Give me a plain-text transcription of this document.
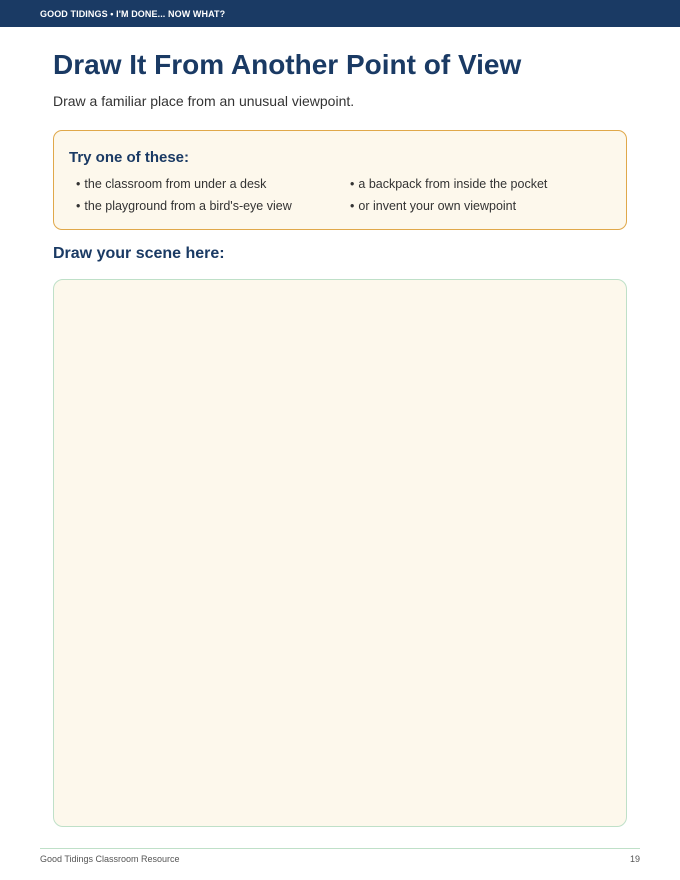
GOOD TIDINGS • I'M DONE... NOW WHAT?
Draw It From Another Point of View

Draw a familiar place from an unusual viewpoint.

Try one of these:
• the classroom from under a desk
• the playground from a bird's-eye view
• a backpack from inside the pocket
• or invent your own viewpoint
Draw your scene here:
Good Tidings Classroom Resource	19
